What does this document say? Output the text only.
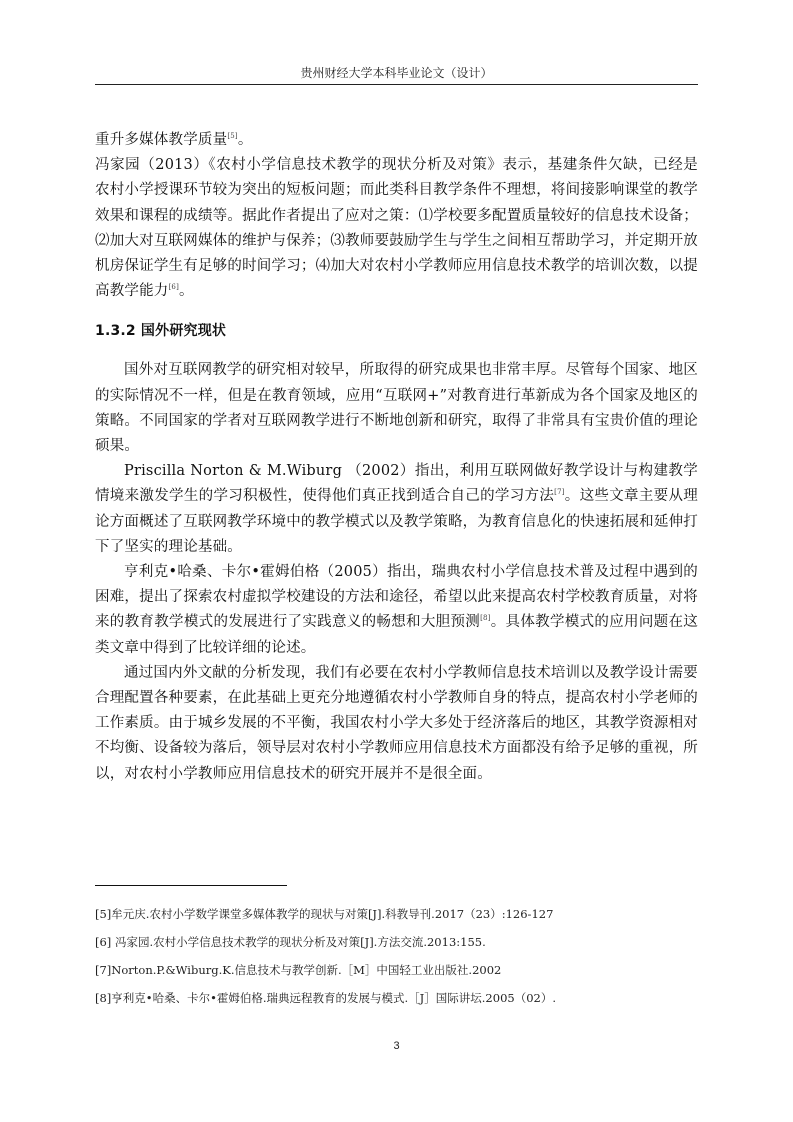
贵州财经大学本科毕业论文（设计）

重升多媒体教学质量[5]。

冯家园（2013）《农村小学信息技术教学的现状分析及对策》表示，基建条件欠缺，已经是农村小学授课环节较为突出的短板问题；而此类科目教学条件不理想，将间接影响课堂的教学效果和课程的成绩等。据此作者提出了应对之策：⑴学校要多配置质量较好的信息技术设备；⑵加大对互联网媒体的维护与保养；⑶教师要鼓励学生与学生之间相互帮助学习，并定期开放机房保证学生有足够的时间学习；⑷加大对农村小学教师应用信息技术教学的培训次数，以提高教学能力[6]。

1.3.2 国外研究现状

国外对互联网教学的研究相对较早，所取得的研究成果也非常丰厚。尽管每个国家、地区的实际情况不一样，但是在教育领域，应用“互联网+”对教育进行革新成为各个国家及地区的策略。不同国家的学者对互联网教学进行不断地创新和研究，取得了非常具有宝贵价值的理论硕果。

Priscilla Norton & M.Wiburg （2002）指出，利用互联网做好教学设计与构建教学情境来激发学生的学习积极性，使得他们真正找到适合自己的学习方法[7]。这些文章主要从理论方面概述了互联网教学环境中的教学模式以及教学策略，为教育信息化的快速拓展和延伸打下了坚实的理论基础。

亨利克•哈桑、卡尔•霍姆伯格（2005）指出，瑞典农村小学信息技术普及过程中遇到的困难，提出了探索农村虚拟学校建设的方法和途径，希望以此来提高农村学校教育质量，对将来的教育教学模式的发展进行了实践意义的畅想和大胆预测[8]。具体教学模式的应用问题在这类文章中得到了比较详细的论述。

通过国内外文献的分析发现，我们有必要在农村小学教师信息技术培训以及教学设计需要合理配置各种要素，在此基础上更充分地遵循农村小学教师自身的特点，提高农村小学老师的工作素质。由于城乡发展的不平衡，我国农村小学大多处于经济落后的地区，其教学资源相对不均衡、设备较为落后，领导层对农村小学教师应用信息技术方面都没有给予足够的重视，所以，对农村小学教师应用信息技术的研究开展并不是很全面。

[5]牟元庆.农村小学数学课堂多媒体教学的现状与对策[J].科教导刊.2017（23）:126-127
[6] 冯家园.农村小学信息技术教学的现状分析及对策[J].方法交流.2013:155.
[7]Norton.P.&Wiburg.K.信息技术与教学创新.［M］中国轻工业出版社.2002
[8]亨利克•哈桑、卡尔•霍姆伯格.瑞典远程教育的发展与模式.［J］国际讲坛.2005（02）.
3
